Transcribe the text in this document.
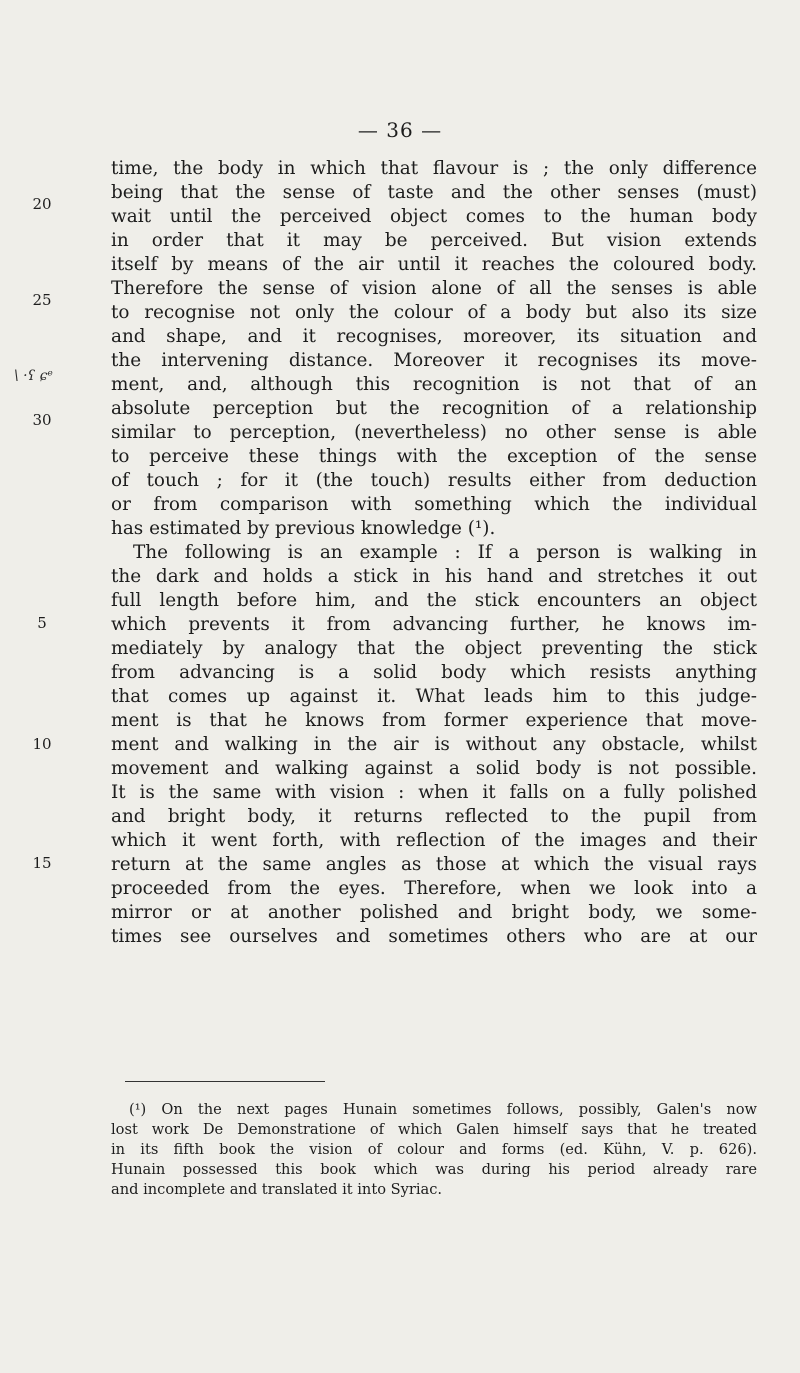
— 36 —
20
25
30
\ ·ʕ ɕᵉ
5
10
15
time, the body in which that flavour is ; the only difference
being that the sense of taste and the other senses (must)
wait until the perceived object comes to the human body
in order that it may be perceived. But vision extends
itself by means of the air until it reaches the coloured body.
Therefore the sense of vision alone of all the senses is able
to recognise not only the colour of a body but also its size
and shape, and it recognises, moreover, its situation and
the intervening distance. Moreover it recognises its move-
ment, and, although this recognition is not that of an
absolute perception but the recognition of a relationship
similar to perception, (nevertheless) no other sense is able
to perceive these things with the exception of the sense
of touch ; for it (the touch) results either from deduction
or from comparison with something which the individual
has estimated by previous knowledge (¹).
The following is an example : If a person is walking in
the dark and holds a stick in his hand and stretches it out
full length before him, and the stick encounters an object
which prevents it from advancing further, he knows im-
mediately by analogy that the object preventing the stick
from advancing is a solid body which resists anything
that comes up against it. What leads him to this judge-
ment is that he knows from former experience that move-
ment and walking in the air is without any obstacle, whilst
movement and walking against a solid body is not possible.
It is the same with vision : when it falls on a fully polished
and bright body, it returns reflected to the pupil from
which it went forth, with reflection of the images and their
return at the same angles as those at which the visual rays
proceeded from the eyes. Therefore, when we look into a
mirror or at another polished and bright body, we some-
times see ourselves and sometimes others who are at our
(¹) On the next pages Hunain sometimes follows, possibly, Galen's now
lost work De Demonstratione of which Galen himself says that he treated
in its fifth book the vision of colour and forms (ed. Kühn, V. p. 626).
Hunain possessed this book which was during his period already rare
and incomplete and translated it into Syriac.
